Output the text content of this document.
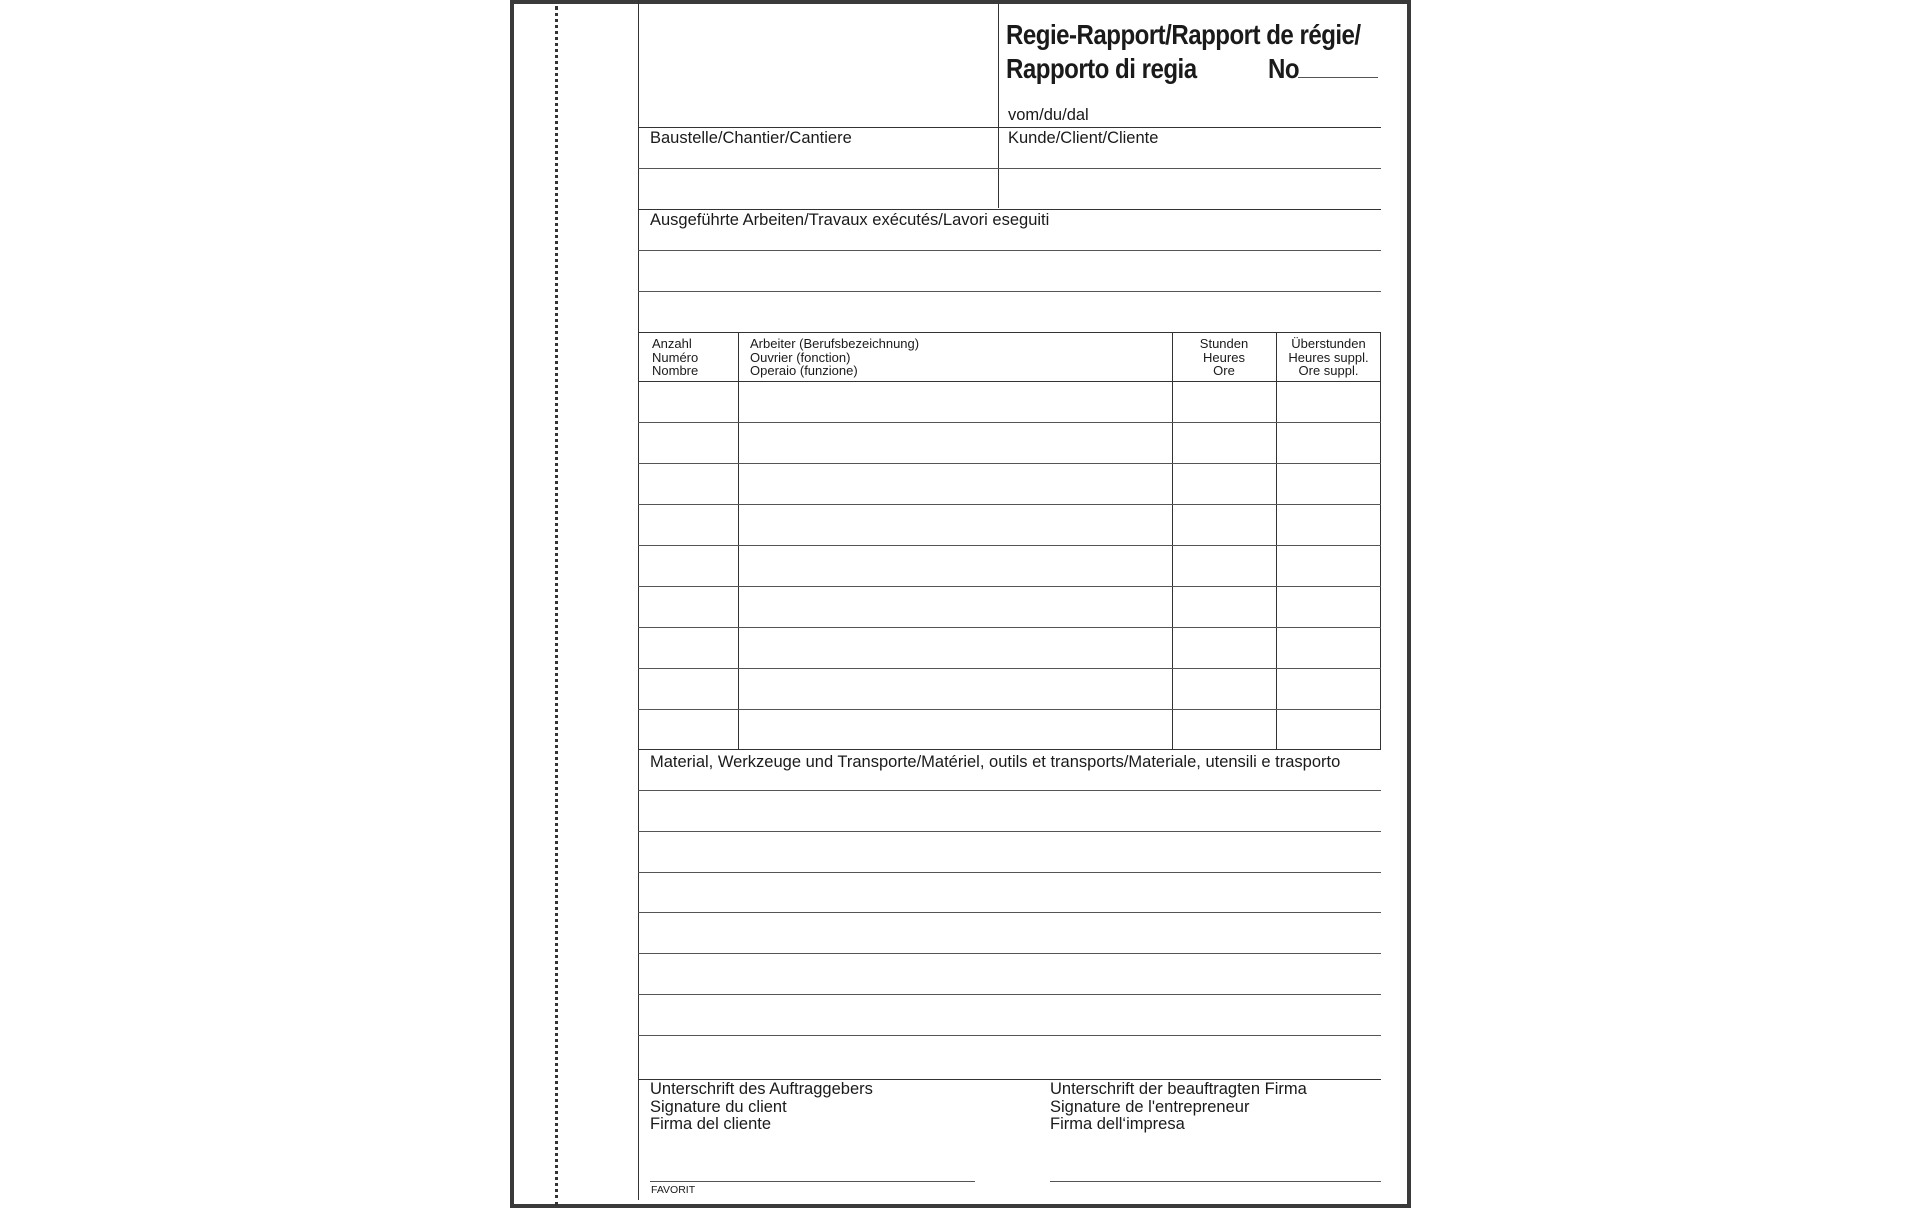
Regie-Rapport/Rapport de régie/
Rapporto di regia	No
vom/du/dal
Baustelle/Chantier/Cantiere	Kunde/Client/Cliente
Ausgeführte Arbeiten/Travaux exécutés/Lavori eseguiti
Anzahl
Numéro
Nombre
Arbeiter (Berufsbezeichnung)
Ouvrier (fonction)
Operaio (funzione)
Stunden
Heures
Ore
Überstunden
Heures suppl.
Ore suppl.
Material, Werkzeuge und Transporte/Matériel, outils et transports/Materiale, utensili e trasporto
Unterschrift des Auftraggebers
Signature du client
Firma del cliente
Unterschrift der beauftragten Firma
Signature de l'entrepreneur
Firma dell‘impresa
FAVORIT
